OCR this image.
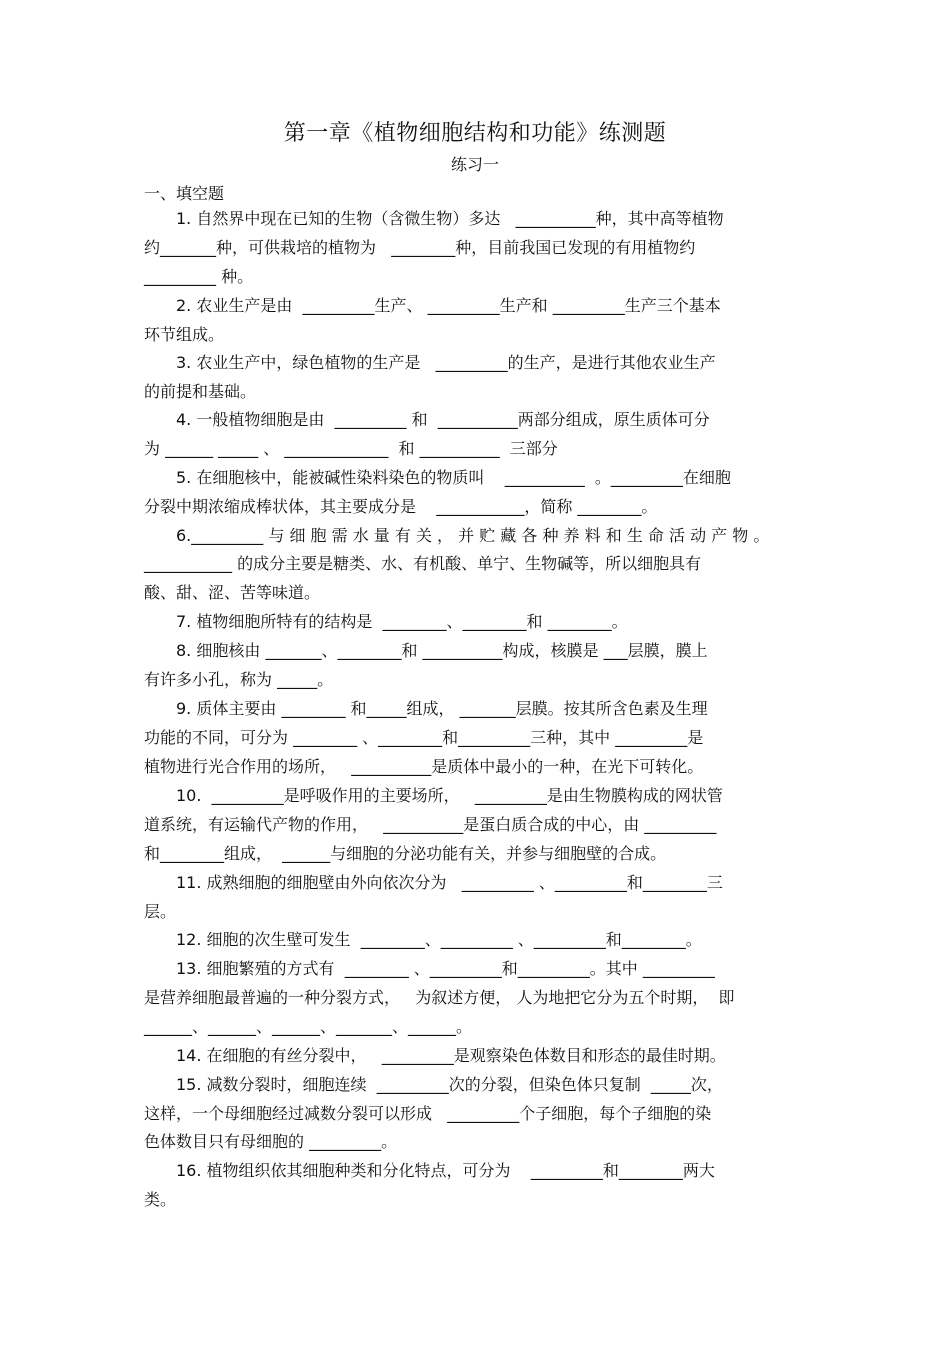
第一章《植物细胞结构和功能》练测题
练习一
一、填空题
1. 自然界中现在已知的生物（含微生物）多达   __________种，其中高等植物
约_______种，可供栽培的植物为   ________种，目前我国已发现的有用植物约
_________ 种。
2. 农业生产是由  _________生产、 _________生产和 _________生产三个基本
环节组成。
3. 农业生产中，绿色植物的生产是   _________的生产，是进行其他农业生产
的前提和基础。
4. 一般植物细胞是由  _________ 和  __________两部分组成，原生质体可分
为 ______ _____ 、 _____________  和 __________  三部分
5. 在细胞核中，能被碱性染料染色的物质叫    __________  。_________在细胞
分裂中期浓缩成棒状体，其主要成分是    ___________，简称 ________。
6._________ 与 细 胞 需 水 量 有 关 ， 并 贮 藏 各 种 养 料 和 生 命 活 动 产 物 。
___________ 的成分主要是糖类、水、有机酸、单宁、生物碱等，所以细胞具有
酸、甜、涩、苦等味道。
7. 植物细胞所特有的结构是  ________、________和 ________。
8. 细胞核由 _______、________和 __________构成，核膜是 ___层膜，膜上
有许多小孔，称为 _____。
9. 质体主要由 ________ 和_____组成， _______层膜。按其所含色素及生理
功能的不同，可分为 ________ 、________和_________三种，其中 _________是
植物进行光合作用的场所，   __________是质体中最小的一种，在光下可转化。
10.  _________是呼吸作用的主要场所，   _________是由生物膜构成的网状管
道系统，有运输代产物的作用，   __________是蛋白质合成的中心，由 _________
和________组成，  ______与细胞的分泌功能有关，并参与细胞壁的合成。
11. 成熟细胞的细胞壁由外向依次分为   _________ 、_________和________三
层。
12. 细胞的次生壁可发生  ________、_________ 、_________和________。
13. 细胞繁殖的方式有  ________ 、_________和_________。其中 _________
是营养细胞最普遍的一种分裂方式，   为叙述方便， 人为地把它分为五个时期，  即
______、______、______、_______、______。
14. 在细胞的有丝分裂中，   _________是观察染色体数目和形态的最佳时期。
15. 减数分裂时，细胞连续  _________次的分裂，但染色体只复制  _____次，
这样，一个母细胞经过减数分裂可以形成   _________个子细胞，每个子细胞的染
色体数目只有母细胞的 _________。
16. 植物组织依其细胞种类和分化特点，可分为    _________和________两大
类。
